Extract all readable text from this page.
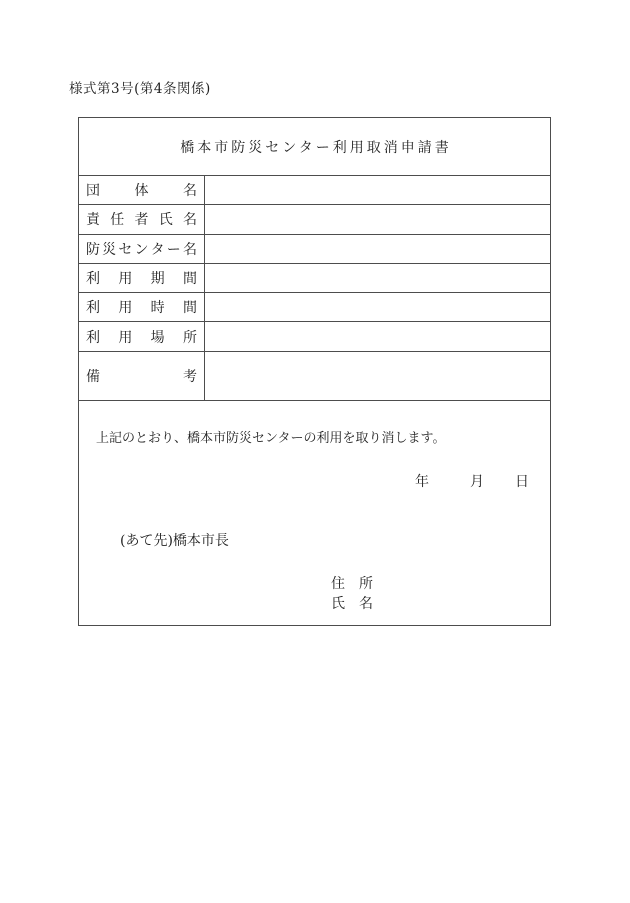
様式第3号(第4条関係)
橋本市防災センター利用取消申請書
団 体 名
責 任 者 氏 名
防 災 セ ン タ ー 名
利 用 期 間
利 用 時 間
利 用 場 所
備	考

上記のとおり、橋本市防災センターの利用を取り消します。

年	月 日
(あて先)橋本市長
住　所
氏　名
